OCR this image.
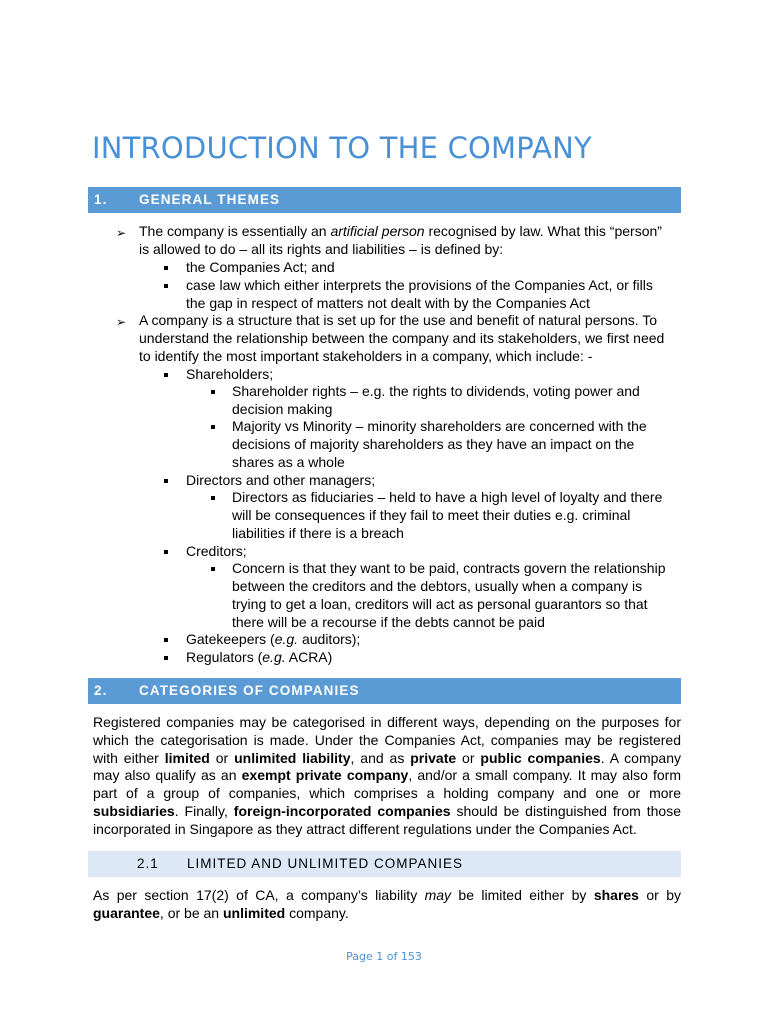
INTRODUCTION TO THE COMPANY
1. GENERAL THEMES
➢ The company is essentially an artificial person recognised by law. What this “person”
is allowed to do – all its rights and liabilities – is defined by:
the Companies Act; and
case law which either interprets the provisions of the Companies Act, or fills
the gap in respect of matters not dealt with by the Companies Act
➢ A company is a structure that is set up for the use and benefit of natural persons. To
understand the relationship between the company and its stakeholders, we first need
to identify the most important stakeholders in a company, which include: -
Shareholders;
Shareholder rights – e.g. the rights to dividends, voting power and
decision making
Majority vs Minority – minority shareholders are concerned with the
decisions of majority shareholders as they have an impact on the
shares as a whole
Directors and other managers;
Directors as fiduciaries – held to have a high level of loyalty and there
will be consequences if they fail to meet their duties e.g. criminal
liabilities if there is a breach
Creditors;
Concern is that they want to be paid, contracts govern the relationship
between the creditors and the debtors, usually when a company is
trying to get a loan, creditors will act as personal guarantors so that
there will be a recourse if the debts cannot be paid
Gatekeepers (e.g. auditors);
Regulators (e.g. ACRA)
2. CATEGORIES OF COMPANIES

Registered companies may be categorised in different ways, depending on the purposes for which the categorisation is made. Under the Companies Act, companies may be registered with either limited or unlimited liability, and as private or public companies. A company may also qualify as an exempt private company, and/or a small company. It may also form part of a group of companies, which comprises a holding company and one or more subsidiaries. Finally, foreign-incorporated companies should be distinguished from those incorporated in Singapore as they attract different regulations under the Companies Act.

2.1 LIMITED AND UNLIMITED COMPANIES

As per section 17(2) of CA, a company’s liability may be limited either by shares or by guarantee, or be an unlimited company.

Page 1 of 153
